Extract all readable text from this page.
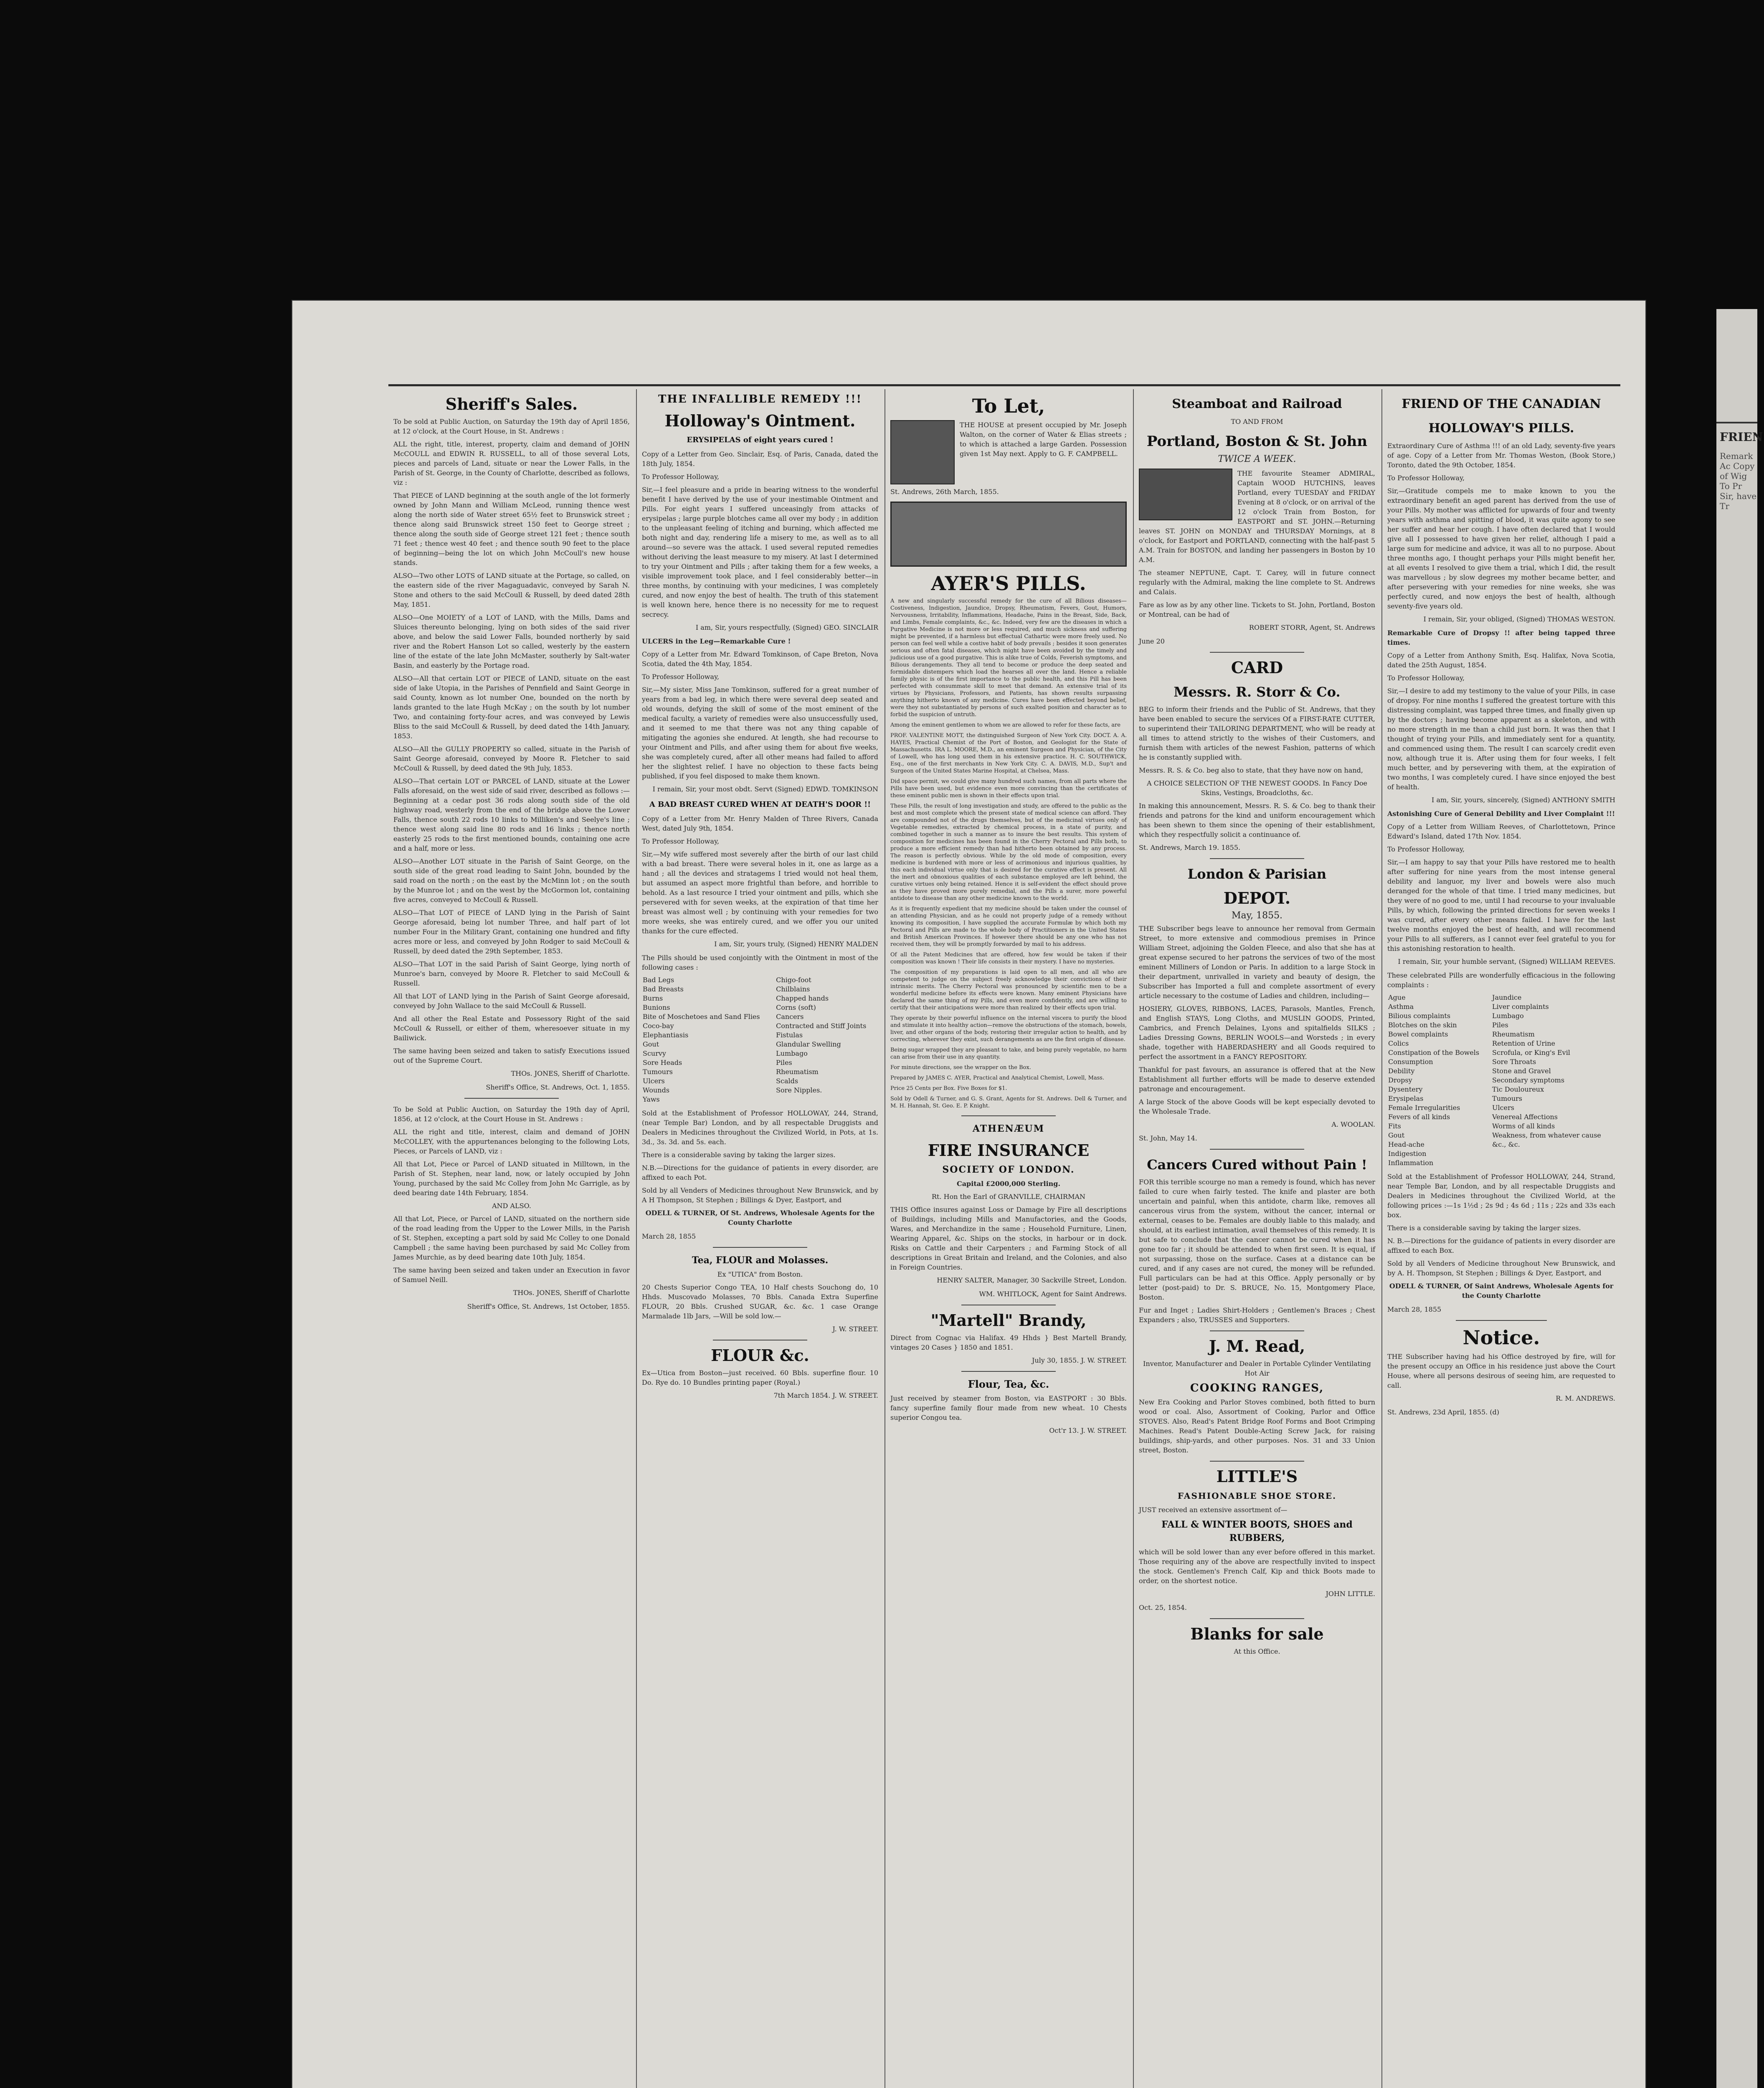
Sheriff's Sales.

To be sold at Public Auction, on Saturday the 19th day of April 1856, at 12 o'clock, at the Court House, in St. Andrews :

ALL the right, title, interest, property, claim and demand of JOHN McCOULL and EDWIN R. RUSSELL, to all of those several Lots, pieces and parcels of Land, situate or near the Lower Falls, in the Parish of St. George, in the County of Charlotte, described as follows, viz :

That PIECE of LAND beginning at the south angle of the lot formerly owned by John Mann and William McLeod, running thence west along the north side of Water street 65½ feet to Brunswick street ; thence along said Brunswick street 150 feet to George street ; thence along the south side of George street 121 feet ; thence south 71 feet ; thence west 40 feet ; and thence south 90 feet to the place of beginning—being the lot on which John McCoull's new house stands.

ALSO—Two other LOTS of LAND situate at the Portage, so called, on the eastern side of the river Magaguadavic, conveyed by Sarah N. Stone and others to the said McCoull & Russell, by deed dated 28th May, 1851.

ALSO—One MOIETY of a LOT of LAND, with the Mills, Dams and Sluices thereunto belonging, lying on both sides of the said river above, and below the said Lower Falls, bounded northerly by said river and the Robert Hanson Lot so called, westerly by the eastern line of the estate of the late John McMaster, southerly by Salt-water Basin, and easterly by the Portage road.

ALSO—All that certain LOT or PIECE of LAND, situate on the east side of lake Utopia, in the Parishes of Pennfield and Saint George in said County, known as lot number One, bounded on the north by lands granted to the late Hugh McKay ; on the south by lot number Two, and containing forty-four acres, and was conveyed by Lewis Bliss to the said McCoull & Russell, by deed dated the 14th January, 1853.

ALSO—All the GULLY PROPERTY so called, situate in the Parish of Saint George aforesaid, conveyed by Moore R. Fletcher to said McCoull & Russell, by deed dated the 9th July, 1853.

ALSO—That certain LOT or PARCEL of LAND, situate at the Lower Falls aforesaid, on the west side of said river, described as follows :—Beginning at a cedar post 36 rods along south side of the old highway road, westerly from the end of the bridge above the Lower Falls, thence south 22 rods 10 links to Milliken's and Seelye's line ; thence west along said line 80 rods and 16 links ; thence north easterly 25 rods to the first mentioned bounds, containing one acre and a half, more or less.

ALSO—Another LOT situate in the Parish of Saint George, on the south side of the great road leading to Saint John, bounded by the said road on the north ; on the east by the McMinn lot ; on the south by the Munroe lot ; and on the west by the McGormon lot, containing five acres, conveyed to McCoull & Russell.

ALSO—That LOT of PIECE of LAND lying in the Parish of Saint George aforesaid, being lot number Three, and half part of lot number Four in the Military Grant, containing one hundred and fifty acres more or less, and conveyed by John Rodger to said McCoull & Russell, by deed dated the 29th September, 1853.

ALSO—That LOT in the said Parish of Saint George, lying north of Munroe's barn, conveyed by Moore R. Fletcher to said McCoull & Russell.

All that LOT of LAND lying in the Parish of Saint George aforesaid, conveyed by John Wallace to the said McCoull & Russell.

And all other the Real Estate and Possessory Right of the said McCoull & Russell, or either of them, wheresoever situate in my Bailiwick.

The same having been seized and taken to satisfy Executions issued out of the Supreme Court.

THOs. JONES, Sheriff of Charlotte.

Sheriff's Office, St. Andrews, Oct. 1, 1855.

To be Sold at Public Auction, on Saturday the 19th day of April, 1856, at 12 o'clock, at the Court House in St. Andrews :

ALL the right and title, interest, claim and demand of JOHN McCOLLEY, with the appurtenances belonging to the following Lots, Pieces, or Parcels of LAND, viz :

All that Lot, Piece or Parcel of LAND situated in Milltown, in the Parish of St. Stephen, near land, now, or lately occupied by John Young, purchased by the said Mc Colley from John Mc Garrigle, as by deed bearing date 14th February, 1854.

AND ALSO.

All that Lot, Piece, or Parcel of LAND, situated on the northern side of the road leading from the Upper to the Lower Mills, in the Parish of St. Stephen, excepting a part sold by said Mc Colley to one Donald Campbell ; the same having been purchased by said Mc Colley from James Murchie, as by deed bearing date 10th July, 1854.

The same having been seized and taken under an Execution in favor of Samuel Neill.

THOs. JONES, Sheriff of Charlotte

Sheriff's Office, St. Andrews, 1st October, 1855.

THE INFALLIBLE REMEDY !!!
Holloway's Ointment.
ERYSIPELAS of eight years cured !

Copy of a Letter from Geo. Sinclair, Esq. of Paris, Canada, dated the 18th July, 1854.

To Professor Holloway,

Sir,—I feel pleasure and a pride in bearing witness to the wonderful benefit I have derived by the use of your inestimable Ointment and Pills. For eight years I suffered unceasingly from attacks of erysipelas ; large purple blotches came all over my body ; in addition to the unpleasant feeling of itching and burning, which affected me both night and day, rendering life a misery to me, as well as to all around—so severe was the attack. I used several reputed remedies without deriving the least measure to my misery. At last I determined to try your Ointment and Pills ; after taking them for a few weeks, a visible improvement took place, and I feel considerably better—in three months, by continuing with your medicines, I was completely cured, and now enjoy the best of health. The truth of this statement is well known here, hence there is no necessity for me to request secrecy.

I am, Sir, yours respectfully, (Signed) GEO. SINCLAIR

ULCERS in the Leg—Remarkable Cure !

Copy of a Letter from Mr. Edward Tomkinson, of Cape Breton, Nova Scotia, dated the 4th May, 1854.

To Professor Holloway,

Sir,—My sister, Miss Jane Tomkinson, suffered for a great number of years from a bad leg, in which there were several deep seated and old wounds, defying the skill of some of the most eminent of the medical faculty, a variety of remedies were also unsuccessfully used, and it seemed to me that there was not any thing capable of mitigating the agonies she endured. At length, she had recourse to your Ointment and Pills, and after using them for about five weeks, she was completely cured, after all other means had failed to afford her the slightest relief. I have no objection to these facts being published, if you feel disposed to make them known.

I remain, Sir, your most obdt. Servt (Signed) EDWD. TOMKINSON

A BAD BREAST CURED WHEN AT DEATH'S DOOR !!

Copy of a Letter from Mr. Henry Malden of Three Rivers, Canada West, dated July 9th, 1854.

To Professor Holloway,

Sir,—My wife suffered most severely after the birth of our last child with a bad breast. There were several holes in it, one as large as a hand ; all the devices and stratagems I tried would not heal them, but assumed an aspect more frightful than before, and horrible to behold. As a last resource I tried your ointment and pills, which she persevered with for seven weeks, at the expiration of that time her breast was almost well ; by continuing with your remedies for two more weeks, she was entirely cured, and we offer you our united thanks for the cure effected.

I am, Sir, yours truly, (Signed) HENRY MALDEN

The Pills should be used conjointly with the Ointment in most of the following cases :

Bad Legs	Chigo-foot
Bad Breasts	Chilblains
Burns	Chapped hands
Bunions	Corns (soft)
Bite of Moschetoes and Sand Flies	Cancers
Coco-bay	Contracted and Stiff Joints
Elephantiasis	Fistulas
Gout	Glandular Swelling
Scurvy	Lumbago
Sore Heads	Piles
Tumours	Rheumatism
Ulcers	Scalds
Wounds	Sore Nipples.
Yaws	

Sold at the Establishment of Professor HOLLOWAY, 244, Strand, (near Temple Bar) London, and by all respectable Druggists and Dealers in Medicines throughout the Civilized World, in Pots, at 1s. 3d., 3s. 3d. and 5s. each.

There is a considerable saving by taking the larger sizes.

N.B.—Directions for the guidance of patients in every disorder, are affixed to each Pot.

Sold by all Venders of Medicines throughout New Brunswick, and by A H Thompson, St Stephen ; Billings & Dyer, Eastport, and

ODELL & TURNER, Of St. Andrews, Wholesale Agents for the County Charlotte

March 28, 1855

Tea, FLOUR and Molasses.

Ex "UTICA" from Boston.

20 Chests Superior Congo TEA, 10 Half chests Souchong do, 10 Hhds. Muscovado Molasses, 70 Bbls. Canada Extra Superfine FLOUR, 20 Bbls. Crushed SUGAR, &c. &c. 1 case Orange Marmalade 1lb Jars, —Will be sold low.—

J. W. STREET.

FLOUR &c.

Ex—Utica from Boston—just received. 60 Bbls. superfine flour. 10 Do. Rye do. 10 Bundles printing paper (Royal.)

7th March 1854. J. W. STREET.

To Let,

THE HOUSE at present occupied by Mr. Joseph Walton, on the corner of Water & Elias streets ; to which is attached a large Garden. Possession given 1st May next. Apply to G. F. CAMPBELL.

St. Andrews, 26th March, 1855.

AYER'S PILLS.

A new and singularly successful remedy for the cure of all Bilious diseases—Costiveness, Indigestion, Jaundice, Dropsy, Rheumatism, Fevers, Gout, Humors, Nervousness, Irritability, Inflammations, Headache, Pains in the Breast, Side, Back, and Limbs, Female complaints, &c., &c. Indeed, very few are the diseases in which a Purgative Medicine is not more or less required, and much sickness and suffering might be prevented, if a harmless but effectual Cathartic were more freely used. No person can feel well while a costive habit of body prevails ; besides it soon generates serious and often fatal diseases, which might have been avoided by the timely and judicious use of a good purgative. This is alike true of Colds, Feverish symptoms, and Bilious derangements. They all tend to become or produce the deep seated and formidable distempers which load the hearses all over the land. Hence a reliable family physic is of the first importance to the public health, and this Pill has been perfected with consummate skill to meet that demand. An extensive trial of its virtues by Physicians, Professors, and Patients, has shown results surpassing anything hitherto known of any medicine. Cures have been effected beyond belief, were they not substantiated by persons of such exalted position and character as to forbid the suspicion of untruth.

Among the eminent gentlemen to whom we are allowed to refer for these facts, are

PROF. VALENTINE MOTT, the distinguished Surgeon of New York City. DOCT. A. A. HAYES, Practical Chemist of the Port of Boston, and Geologist for the State of Massachusetts. IRA L. MOORE, M.D., an eminent Surgeon and Physician, of the City of Lowell, who has long used them in his extensive practice. H. C. SOUTHWICK, Esq., one of the first merchants in New York City. C. A. DAVIS, M.D., Sup't and Surgeon of the United States Marine Hospital, at Chelsea, Mass.

Did space permit, we could give many hundred such names, from all parts where the Pills have been used, but evidence even more convincing than the certificates of these eminent public men is shown in their effects upon trial.

These Pills, the result of long investigation and study, are offered to the public as the best and most complete which the present state of medical science can afford. They are compounded not of the drugs themselves, but of the medicinal virtues only of Vegetable remedies, extracted by chemical process, in a state of purity, and combined together in such a manner as to insure the best results. This system of composition for medicines has been found in the Cherry Pectoral and Pills both, to produce a more efficient remedy than had hitherto been obtained by any process. The reason is perfectly obvious. While by the old mode of composition, every medicine is burdened with more or less of acrimonious and injurious qualities, by this each individual virtue only that is desired for the curative effect is present. All the inert and obnoxious qualities of each substance employed are left behind, the curative virtues only being retained. Hence it is self-evident the effect should prove as they have proved more purely remedial, and the Pills a surer, more powerful antidote to disease than any other medicine known to the world.

As it is frequently expedient that my medicine should be taken under the counsel of an attending Physician, and as he could not properly judge of a remedy without knowing its composition, I have supplied the accurate Formulæ by which both my Pectoral and Pills are made to the whole body of Practitioners in the United States and British American Provinces. If however there should be any one who has not received them, they will be promptly forwarded by mail to his address.

Of all the Patent Medicines that are offered, how few would be taken if their composition was known ! Their life consists in their mystery. I have no mysteries.

The composition of my preparations is laid open to all men, and all who are competent to judge on the subject freely acknowledge their convictions of their intrinsic merits. The Cherry Pectoral was pronounced by scientific men to be a wonderful medicine before its effects were known. Many eminent Physicians have declared the same thing of my Pills, and even more confidently, and are willing to certify that their anticipations were more than realized by their effects upon trial.

They operate by their powerful influence on the internal viscera to purify the blood and stimulate it into healthy action—remove the obstructions of the stomach, bowels, liver, and other organs of the body, restoring their irregular action to health, and by correcting, wherever they exist, such derangements as are the first origin of disease.

Being sugar wrapped they are pleasant to take, and being purely vegetable, no harm can arise from their use in any quantity.

For minute directions, see the wrapper on the Box.

Prepared by JAMES C. AYER, Practical and Analytical Chemist, Lowell, Mass.

Price 25 Cents per Box. Five Boxes for $1.

Sold by Odell & Turner, and G. S. Grant, Agents for St. Andrews. Dell & Turner, and M. H. Hannah, St. Geo. E. P. Knight.

ATHENÆUM
FIRE INSURANCE
SOCIETY OF LONDON.

Capital £2000,000 Sterling.

Rt. Hon the Earl of GRANVILLE, CHAIRMAN

THIS Office insures against Loss or Damage by Fire all descriptions of Buildings, including Mills and Manufactories, and the Goods, Wares, and Merchandize in the same ; Household Furniture, Linen, Wearing Apparel, &c. Ships on the stocks, in harbour or in dock. Risks on Cattle and their Carpenters ; and Farming Stock of all descriptions in Great Britain and Ireland, and the Colonies, and also in Foreign Countries.

HENRY SALTER, Manager, 30 Sackville Street, London.

WM. WHITLOCK, Agent for Saint Andrews.

"Martell" Brandy,

Direct from Cognac via Halifax. 49 Hhds } Best Martell Brandy, vintages 20 Cases } 1850 and 1851.

July 30, 1855. J. W. STREET.

Flour, Tea, &c.

Just received by steamer from Boston, via EASTPORT : 30 Bbls. fancy superfine family flour made from new wheat. 10 Chests superior Congou tea.

Oct'r 13. J. W. STREET.

Steamboat and Railroad

TO AND FROM

Portland, Boston & St. John

TWICE A WEEK.

THE favourite Steamer ADMIRAL, Captain WOOD HUTCHINS, leaves Portland, every TUESDAY and FRIDAY Evening at 8 o'clock, or on arrival of the 12 o'clock Train from Boston, for EASTPORT and ST. JOHN.—Returning leaves ST. JOHN on MONDAY and THURSDAY Mornings, at 8 o'clock, for Eastport and PORTLAND, connecting with the half-past 5 A.M. Train for BOSTON, and landing her passengers in Boston by 10 A.M.

The steamer NEPTUNE, Capt. T. Carey, will in future connect regularly with the Admiral, making the line complete to St. Andrews and Calais.

Fare as low as by any other line. Tickets to St. John, Portland, Boston or Montreal, can be had of

ROBERT STORR, Agent, St. Andrews

June 20

CARD
Messrs. R. Storr & Co.

BEG to inform their friends and the Public of St. Andrews, that they have been enabled to secure the services Of a FIRST-RATE CUTTER, to superintend their TAILORING DEPARTMENT, who will be ready at all times to attend strictly to the wishes of their Customers, and furnish them with articles of the newest Fashion, patterns of which he is constantly supplied with.

Messrs. R. S. & Co. beg also to state, that they have now on hand,

A CHOICE SELECTION OF THE NEWEST GOODS. In Fancy Doe Skins, Vestings, Broadcloths, &c.

In making this announcement, Messrs. R. S. & Co. beg to thank their friends and patrons for the kind and uniform encouragement which has been shewn to them since the opening of their establishment, which they respectfully solicit a continuance of.

St. Andrews, March 19. 1855.

London & Parisian
DEPOT.

May, 1855.

THE Subscriber begs leave to announce her removal from Germain Street, to more extensive and commodious premises in Prince William Street, adjoining the Golden Fleece, and also that she has at great expense secured to her patrons the services of two of the most eminent Milliners of London or Paris. In addition to a large Stock in their department, unrivalled in variety and beauty of design, the Subscriber has Imported a full and complete assortment of every article necessary to the costume of Ladies and children, including—

HOSIERY, GLOVES, RIBBONS, LACES, Parasols, Mantles, French, and English STAYS, Long Cloths, and MUSLIN GOODS, Printed, Cambrics, and French Delaines, Lyons and spitalfields SILKS ; Ladies Dressing Gowns, BERLIN WOOLS—and Worsteds ; in every shade, together with HABERDASHERY and all Goods required to perfect the assortment in a FANCY REPOSITORY.

Thankful for past favours, an assurance is offered that at the New Establishment all further efforts will be made to deserve extended patronage and encouragement.

A large Stock of the above Goods will be kept especially devoted to the Wholesale Trade.

A. WOOLAN.

St. John, May 14.

Cancers Cured without Pain !

FOR this terrible scourge no man a remedy is found, which has never failed to cure when fairly tested. The knife and plaster are both uncertain and painful, when this antidote, charm like, removes all cancerous virus from the system, without the cancer, internal or external, ceases to be. Females are doubly liable to this malady, and should, at its earliest intimation, avail themselves of this remedy. It is but safe to conclude that the cancer cannot be cured when it has gone too far ; it should be attended to when first seen. It is equal, if not surpassing, those on the surface. Cases at a distance can be cured, and if any cases are not cured, the money will be refunded. Full particulars can be had at this Office. Apply personally or by letter (post-paid) to Dr. S. BRUCE, No. 15, Montgomery Place, Boston.

Fur and Inget ; Ladies Shirt-Holders ; Gentlemen's Braces ; Chest Expanders ; also, TRUSSES and Supporters.

J. M. Read,

Inventor, Manufacturer and Dealer in Portable Cylinder Ventilating Hot Air

COOKING RANGES,

New Era Cooking and Parlor Stoves combined, both fitted to burn wood or coal. Also, Assortment of Cooking, Parlor and Office STOVES. Also, Read's Patent Bridge Roof Forms and Boot Crimping Machines. Read's Patent Double-Acting Screw Jack, for raising buildings, ship-yards, and other purposes. Nos. 31 and 33 Union street, Boston.

LITTLE'S
FASHIONABLE SHOE STORE.

JUST received an extensive assortment of—

FALL & WINTER BOOTS, SHOES and RUBBERS,

which will be sold lower than any ever before offered in this market. Those requiring any of the above are respectfully invited to inspect the stock. Gentlemen's French Calf, Kip and thick Boots made to order, on the shortest notice.

JOHN LITTLE.

Oct. 25, 1854.

Blanks for sale

At this Office.

FRIEND OF THE CANADIAN
HOLLOWAY'S PILLS.

Extraordinary Cure of Asthma !!! of an old Lady, seventy-five years of age. Copy of a Letter from Mr. Thomas Weston, (Book Store,) Toronto, dated the 9th October, 1854.

To Professor Holloway,

Sir,—Gratitude compels me to make known to you the extraordinary benefit an aged parent has derived from the use of your Pills. My mother was afflicted for upwards of four and twenty years with asthma and spitting of blood, it was quite agony to see her suffer and hear her cough. I have often declared that I would give all I possessed to have given her relief, although I paid a large sum for medicine and advice, it was all to no purpose. About three months ago, I thought perhaps your Pills might benefit her, at all events I resolved to give them a trial, which I did, the result was marvellous ; by slow degrees my mother became better, and after persevering with your remedies for nine weeks, she was perfectly cured, and now enjoys the best of health, although seventy-five years old.

I remain, Sir, your obliged, (Signed) THOMAS WESTON.

Remarkable Cure of Dropsy !! after being tapped three times.

Copy of a Letter from Anthony Smith, Esq. Halifax, Nova Scotia, dated the 25th August, 1854.

To Professor Holloway,

Sir,—I desire to add my testimony to the value of your Pills, in case of dropsy. For nine months I suffered the greatest torture with this distressing complaint, was tapped three times, and finally given up by the doctors ; having become apparent as a skeleton, and with no more strength in me than a child just born. It was then that I thought of trying your Pills, and immediately sent for a quantity, and commenced using them. The result I can scarcely credit even now, although true it is. After using them for four weeks, I felt much better, and by persevering with them, at the expiration of two months, I was completely cured. I have since enjoyed the best of health.

I am, Sir, yours, sincerely, (Signed) ANTHONY SMITH

Astonishing Cure of General Debility and Liver Complaint !!!

Copy of a Letter from William Reeves, of Charlottetown, Prince Edward's Island, dated 17th Nov. 1854.

To Professor Holloway,

Sir,—I am happy to say that your Pills have restored me to health after suffering for nine years from the most intense general debility and languor, my liver and bowels were also much deranged for the whole of that time. I tried many medicines, but they were of no good to me, until I had recourse to your invaluable Pills, by which, following the printed directions for seven weeks I was cured, after every other means failed. I have for the last twelve months enjoyed the best of health, and will recommend your Pills to all sufferers, as I cannot ever feel grateful to you for this astonishing restoration to health.

I remain, Sir, your humble servant, (Signed) WILLIAM REEVES.

These celebrated Pills are wonderfully efficacious in the following complaints :

Ague	Jaundice
Asthma	Liver complaints
Bilious complaints	Lumbago
Blotches on the skin	Piles
Bowel complaints	Rheumatism
Colics	Retention of Urine
Constipation of the Bowels	Scrofula, or King's Evil
Consumption	Sore Throats
Debility	Stone and Gravel
Dropsy	Secondary symptoms
Dysentery	Tic Douloureux
Erysipelas	Tumours
Female Irregularities	Ulcers
Fevers of all kinds	Venereal Affections
Fits	Worms of all kinds
Gout	Weakness, from whatever cause
Head-ache	&c., &c.
Indigestion	
Inflammation	

Sold at the Establishment of Professor HOLLOWAY, 244, Strand, near Temple Bar, London, and by all respectable Druggists and Dealers in Medicines throughout the Civilized World, at the following prices :—1s 1½d ; 2s 9d ; 4s 6d ; 11s ; 22s and 33s each box.

There is a considerable saving by taking the larger sizes.

N. B.—Directions for the guidance of patients in every disorder are affixed to each Box.

Sold by all Venders of Medicine throughout New Brunswick, and by A. H. Thompson, St Stephen ; Billings & Dyer, Eastport, and

ODELL & TURNER, Of Saint Andrews, Wholesale Agents for the County Charlotte

March 28, 1855

Notice.

THE Subscriber having had his Office destroyed by fire, will for the present occupy an Office in his residence just above the Court House, where all persons desirous of seeing him, are requested to call.

R. M. ANDREWS.

St. Andrews, 23d April, 1855. (d)

FRIEN
Remark Ac Copy of Wig To Pr Sir, have Tr
